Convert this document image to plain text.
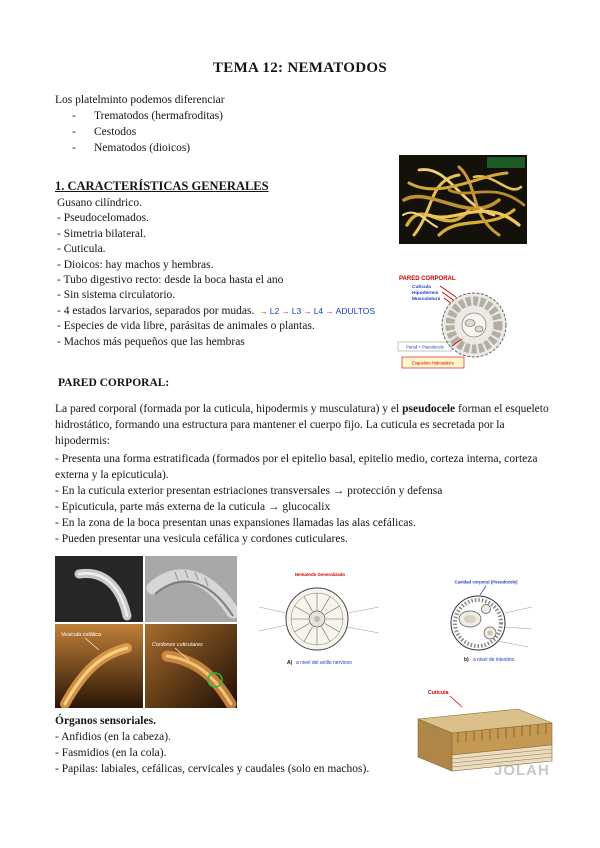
TEMA 12: NEMATODOS
Los platelminto podemos diferenciar
-	Trematodos (hermafroditas)
-	Cestodos
-	Nematodos (dioicos)
1. CARACTERÍSTICAS GENERALES
Gusano cilíndrico.
- Pseudocelomados.
- Simetria bilateral.
- Cuticula.
- Dioicos: hay machos y hembras.
- Tubo digestivo recto: desde la boca hasta el ano
- Sin sistema circulatorio.
- 4 estados larvarios, separados por mudas. → L2 → L3 → L4 → ADULTOS
- Especies de vida libre, parásitas de animales o plantas.
- Machos más pequeños que las hembras
PARED CORPORAL:

La pared corporal (formada por la cuticula, hipodermis y musculatura) y el pseudocele forman el esqueleto hidrostático, formando una estructura para mantener el cuerpo fijo. La cuticula es secretada por la hipodermis:

- Presenta una forma estratificada (formados por el epitelio basal, epitelio medio, corteza interna, corteza externa y la epicuticula).
- En la cuticula exterior presentan estriaciones transversales → protección y defensa
- Epicuticula, parte más externa de la cuticula → glucocalix
- En la zona de la boca presentan unas expansiones llamadas las alas cefálicas.
- Pueden presentar una vesicula cefálica y cordones cuticulares.
Órganos sensoriales.
- Anfidios (en la cabeza).
- Fasmidios (en la cola).
- Papilas: labiales, cefálicas, cervicales y caudales (solo en machos).
PARED CORPORAL
Cuticula
Hipodermis
Musculatura
Pared + Pseudocele
Esqueleto Hidrostático
Vesicula cefálica
Cordones cuticulares
Nematodo Generalizado
A) a nivel del anillo nervioso
Cavidad corporal (Pseudocele)
b) a nivel de intestino
Cutícula
JOLAH
